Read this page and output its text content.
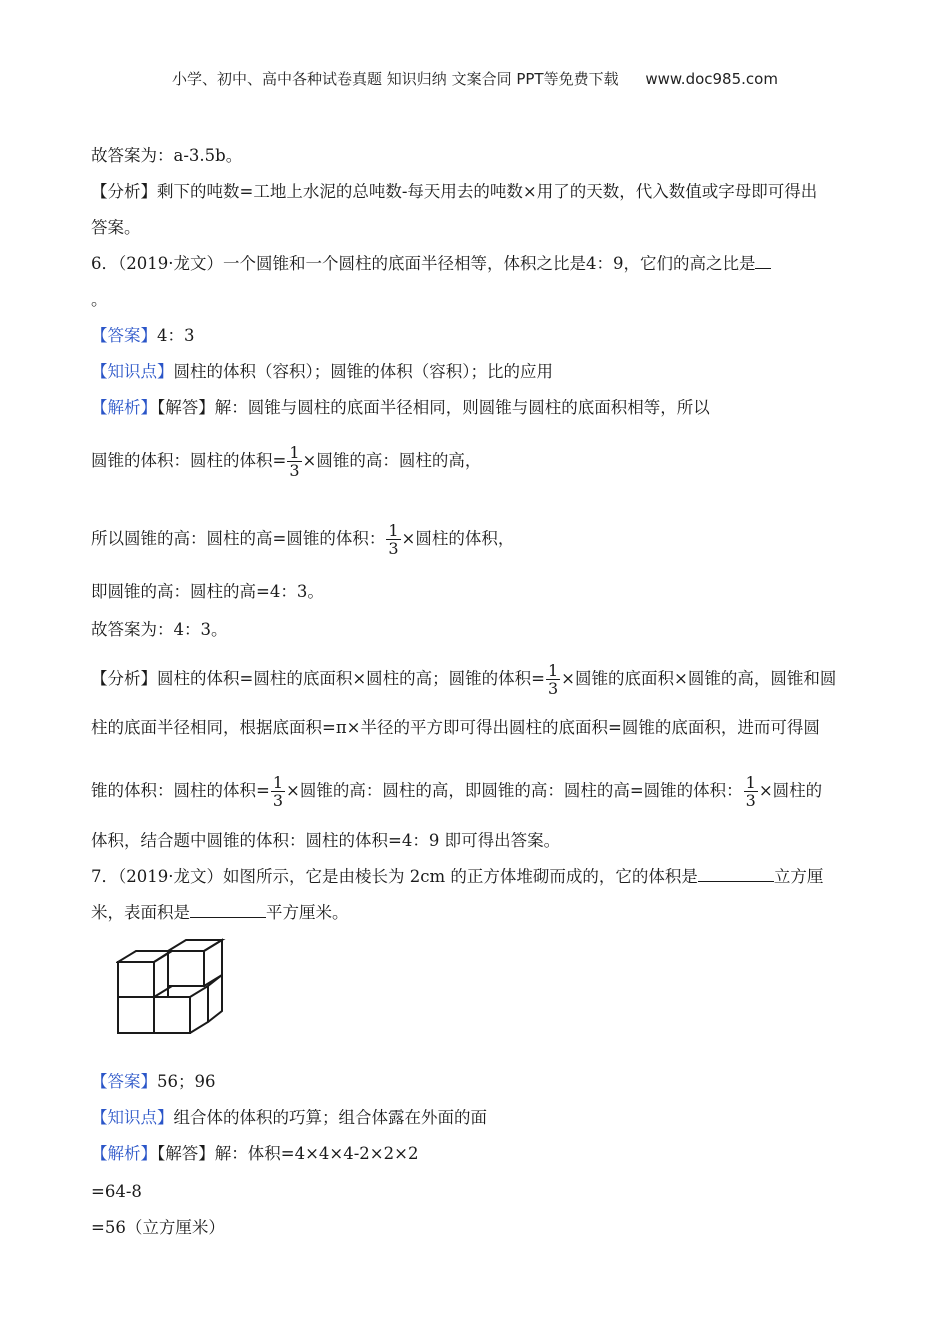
小学、初中、高中各种试卷真题 知识归纳 文案合同 PPT等免费下载 www.doc985.com
故答案为：a-3.5b。
【分析】剩下的吨数=工地上水泥的总吨数-每天用去的吨数×用了的天数，代入数值或字母即可得出
答案。
6．（2019·龙文）一个圆锥和一个圆柱的底面半径相等，体积之比是4：9，它们的高之比是
。
【答案】4：3
【知识点】圆柱的体积（容积）；圆锥的体积（容积）；比的应用
【解析】【解答】解：圆锥与圆柱的底面半径相同，则圆锥与圆柱的底面积相等，所以
圆锥的体积：圆柱的体积= $\frac{1}{3}$ ×圆锥的高：圆柱的高，
所以圆锥的高：圆柱的高=圆锥的体积： $\frac{1}{3}$ ×圆柱的体积，
即圆锥的高：圆柱的高=4：3。
故答案为：4：3。
【分析】圆柱的体积=圆柱的底面积×圆柱的高；圆锥的体积= $\frac{1}{3}$ ×圆锥的底面积×圆锥的高，圆锥和圆
柱的底面半径相同，根据底面积=π×半径的平方即可得出圆柱的底面积=圆锥的底面积，进而可得圆
锥的体积：圆柱的体积= $\frac{1}{3}$ ×圆锥的高：圆柱的高，即圆锥的高：圆柱的高=圆锥的体积： $\frac{1}{3}$ ×圆柱的
体积，结合题中圆锥的体积：圆柱的体积=4：9 即可得出答案。
7．（2019·龙文）如图所示，它是由棱长为 2cm 的正方体堆砌而成的，它的体积是	立方厘
米，表面积是	平方厘米。
【答案】56；96
【知识点】组合体的体积的巧算；组合体露在外面的面
【解析】【解答】解：体积=4×4×4-2×2×2
=64-8
=56（立方厘米）
